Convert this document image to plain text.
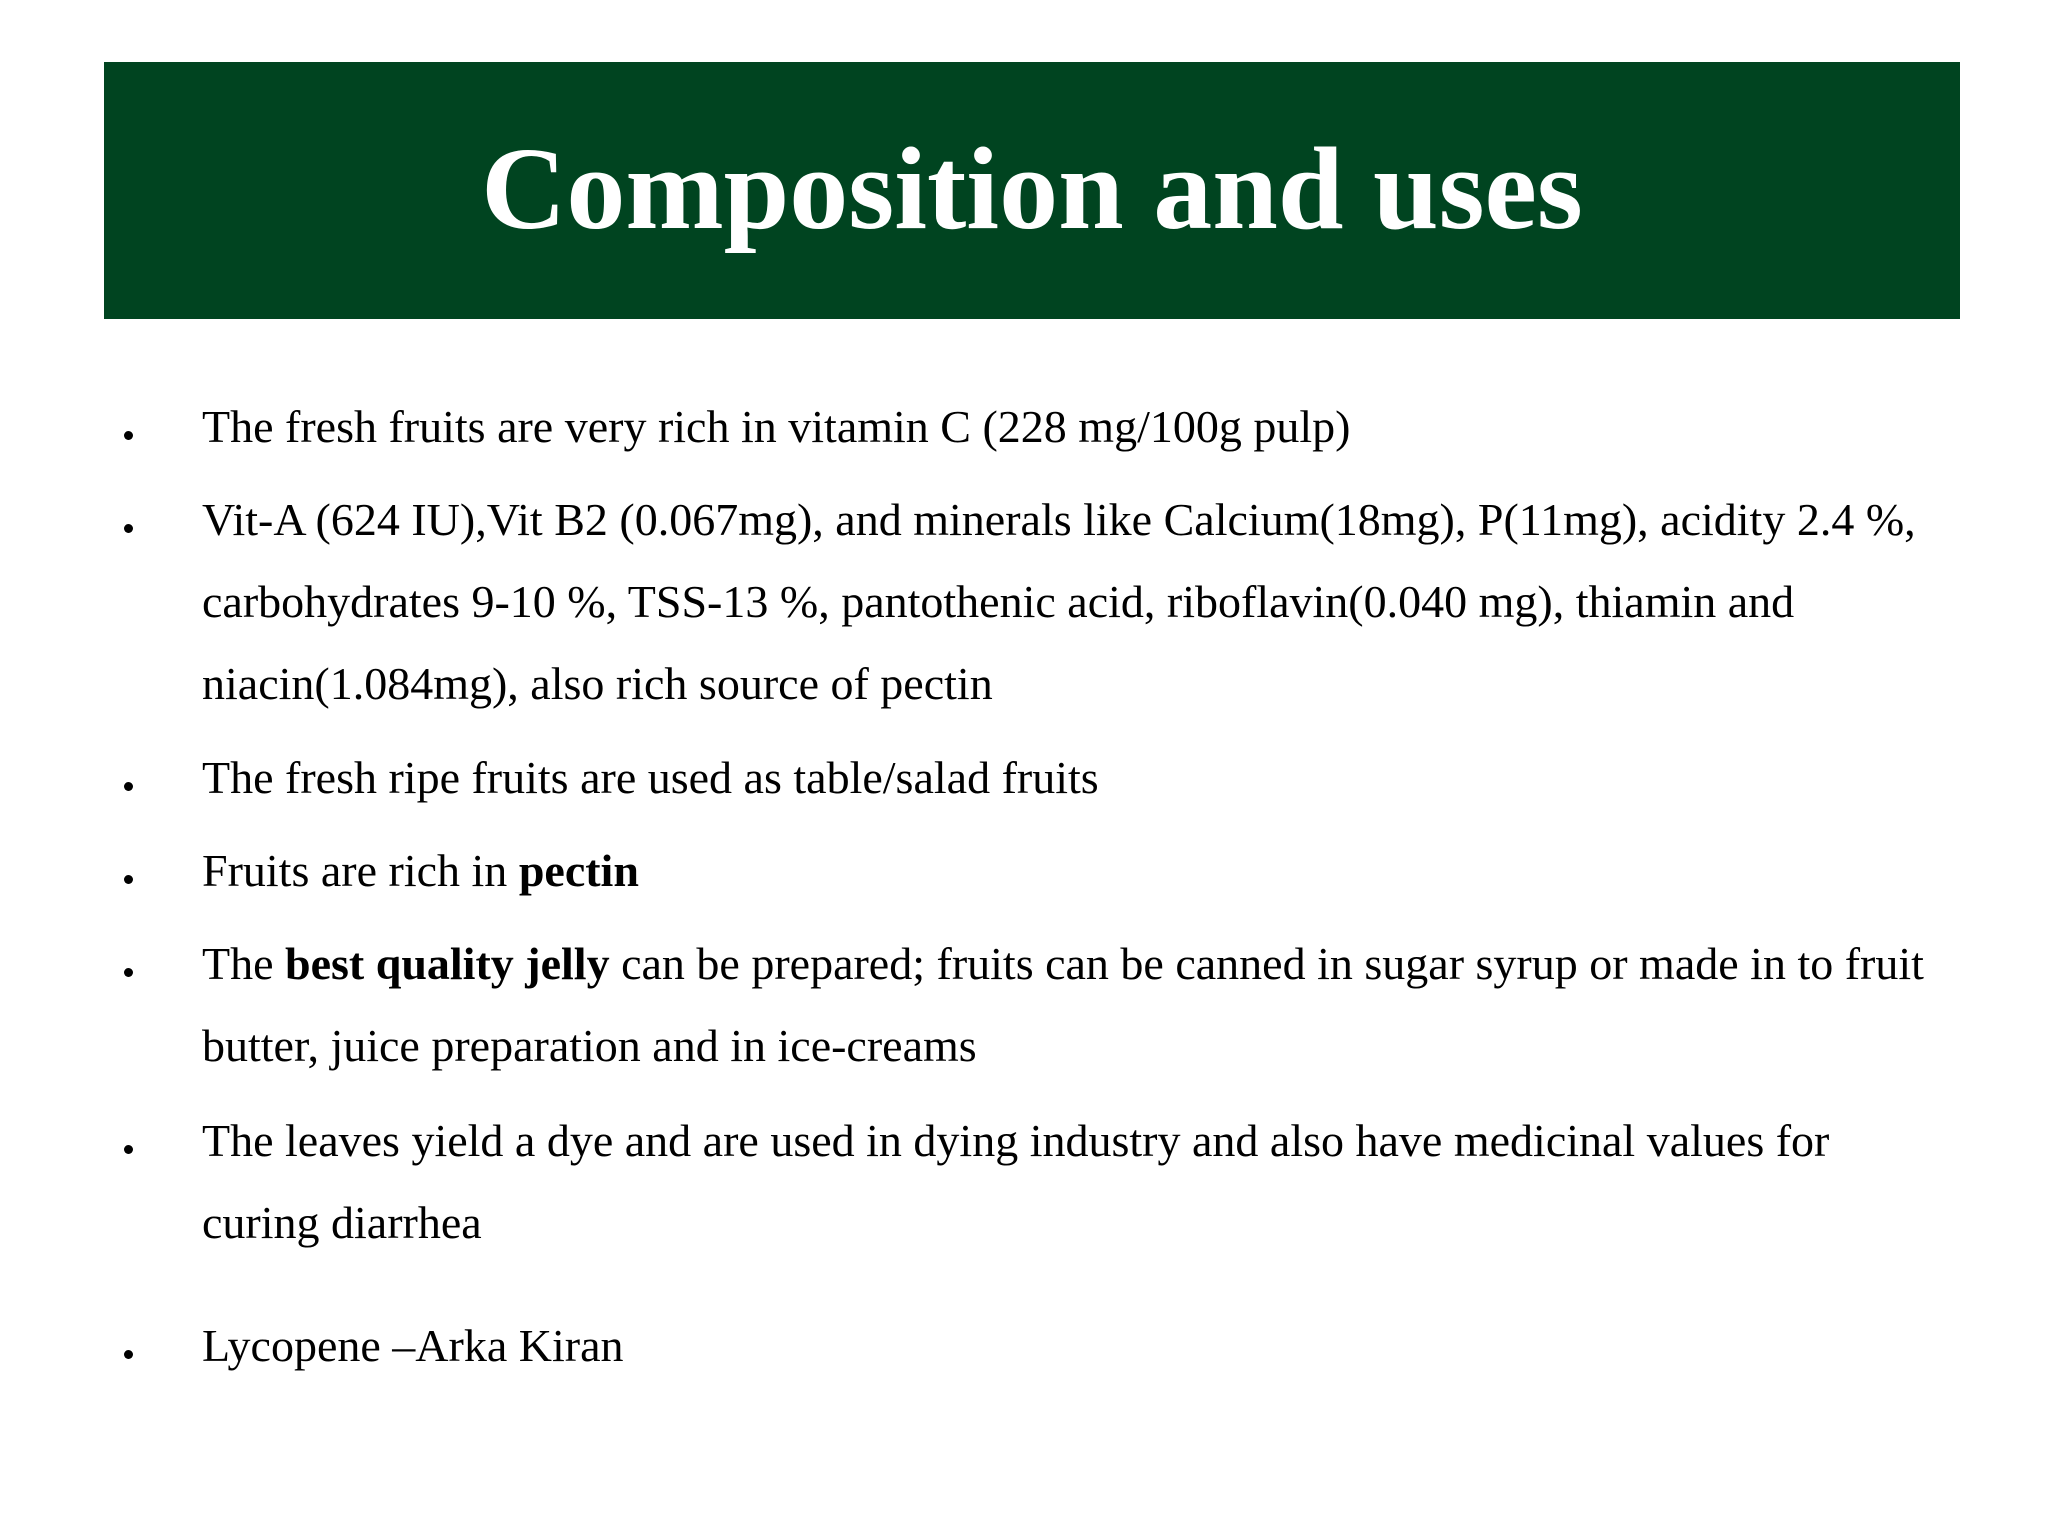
Composition and uses
The fresh fruits are very rich in vitamin C (228 mg/100g pulp)
Vit-A (624 IU),Vit B2 (0.067mg), and minerals like Calcium(18mg), P(11mg), acidity 2.4 %, carbohydrates 9-10 %, TSS-13 %, pantothenic acid, riboflavin(0.040 mg), thiamin and niacin(1.084mg), also rich source of pectin
The fresh ripe fruits are used as table/salad fruits
Fruits are rich in pectin
The best quality jelly can be prepared; fruits can be canned in sugar syrup or made in to fruit butter, juice preparation and in ice-creams
The leaves yield a dye and are used in dying industry and also have medicinal values for curing diarrhea
Lycopene –Arka Kiran
